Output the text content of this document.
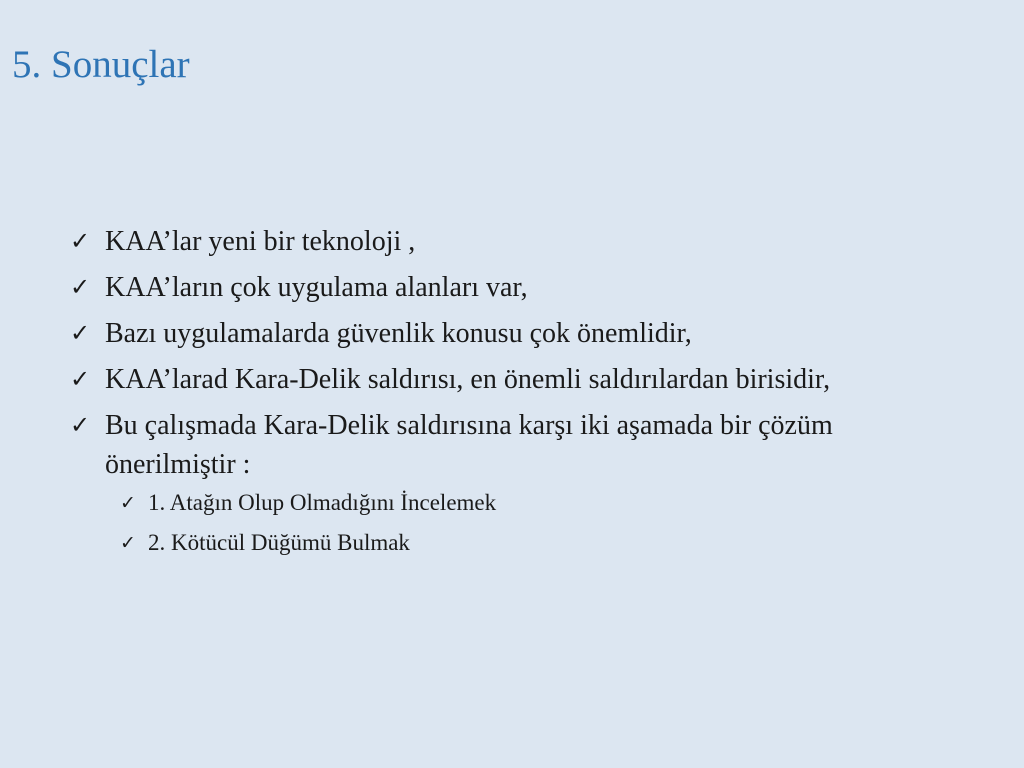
5. Sonuçlar
✓ KAA’lar yeni bir teknoloji ,
✓ KAA’ların çok uygulama alanları var,
✓ Bazı uygulamalarda güvenlik konusu çok önemlidir,
✓ KAA’larad Kara-Delik saldırısı, en önemli saldırılardan birisidir,
✓ Bu çalışmada Kara-Delik saldırısına karşı iki aşamada bir çözüm önerilmiştir :
✓ 1. Atağın Olup Olmadığını İncelemek
✓ 2. Kötücül Düğümü Bulmak
